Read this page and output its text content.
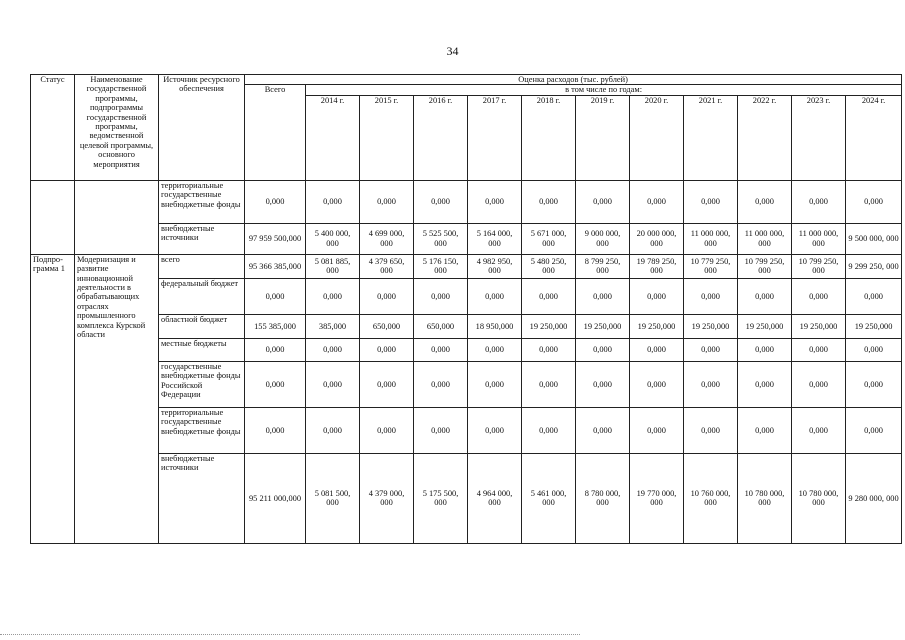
34
Статус	Наименование государственной программы, подпрограммы государственной программы, ведомственной целевой программы, основного мероприятия	Источник ресурсного обеспечения	Оценка расходов (тыс. рублей)											
			Всего	в том числе по годам:										
				2014 г.	2015 г.	2016 г.	2017 г.	2018 г.	2019 г.	2020 г.	2021 г.	2022 г.	2023 г.	2024 г.
		территориальные государственные внебюджетные фонды	0,000	0,000	0,000	0,000	0,000	0,000	0,000	0,000	0,000	0,000	0,000	0,000
		внебюджетные источники	97 959 500,000	5 400 000, 000	4 699 000, 000	5 525 500, 000	5 164 000, 000	5 671 000, 000	9 000 000, 000	20 000 000, 000	11 000 000, 000	11 000 000, 000	11 000 000, 000	9 500 000, 000
Подпро-грамма 1	Модернизация и развитие инновационной деятельности в обрабатывающих отраслях промышленного комплекса Курской области	всего	95 366 385,000	5 081 885, 000	4 379 650, 000	5 176 150, 000	4 982 950, 000	5 480 250, 000	8 799 250, 000	19 789 250, 000	10 779 250, 000	10 799 250, 000	10 799 250, 000	9 299 250, 000
		федеральный бюджет	0,000	0,000	0,000	0,000	0,000	0,000	0,000	0,000	0,000	0,000	0,000	0,000
		областной бюджет	155 385,000	385,000	650,000	650,000	18 950,000	19 250,000	19 250,000	19 250,000	19 250,000	19 250,000	19 250,000	19 250,000
		местные бюджеты	0,000	0,000	0,000	0,000	0,000	0,000	0,000	0,000	0,000	0,000	0,000	0,000
		государственные внебюджетные фонды Российской Федерации	0,000	0,000	0,000	0,000	0,000	0,000	0,000	0,000	0,000	0,000	0,000	0,000
		территориальные государственные внебюджетные фонды	0,000	0,000	0,000	0,000	0,000	0,000	0,000	0,000	0,000	0,000	0,000	0,000
		внебюджетные источники	95 211 000,000	5 081 500, 000	4 379 000, 000	5 175 500, 000	4 964 000, 000	5 461 000, 000	8 780 000, 000	19 770 000, 000	10 760 000, 000	10 780 000, 000	10 780 000, 000	9 280 000, 000
